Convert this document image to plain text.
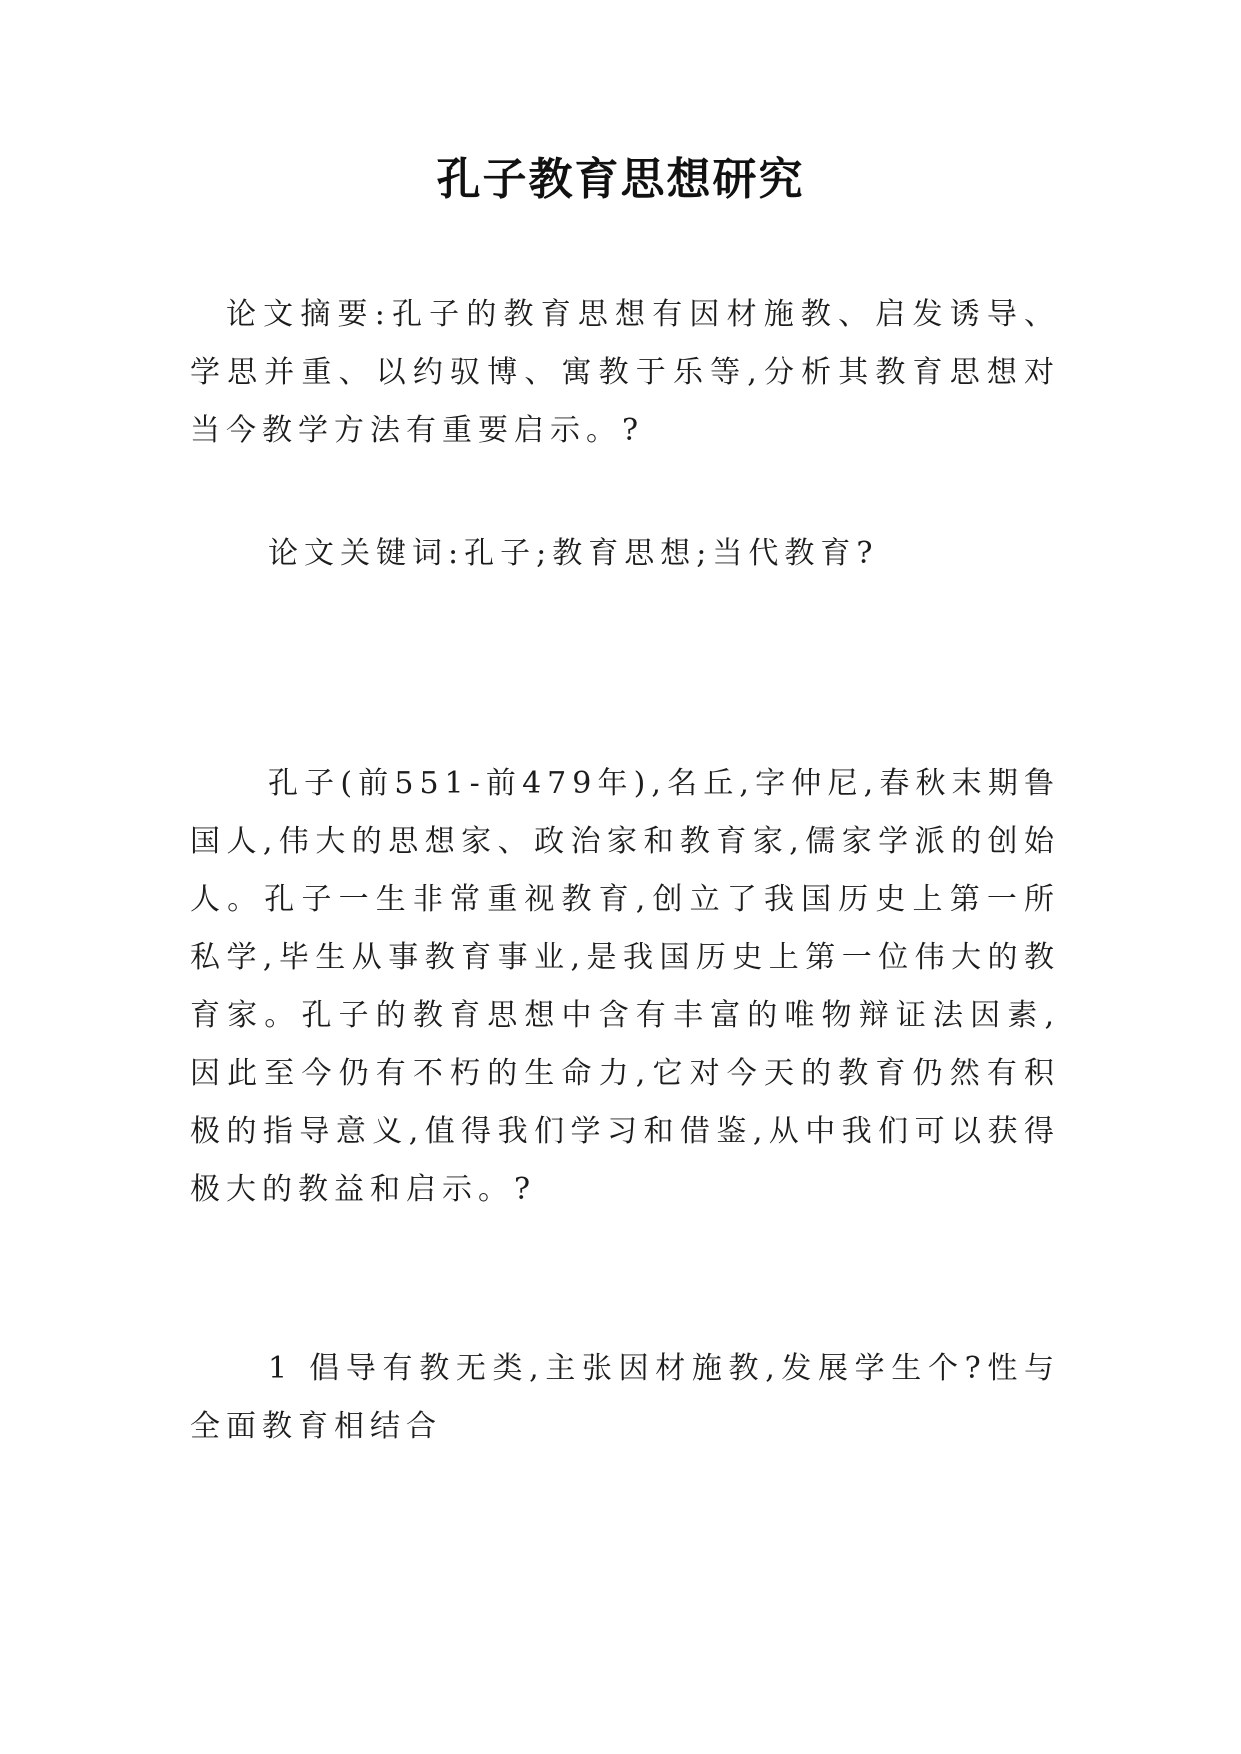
孔子教育思想研究

论文摘要:孔子的教育思想有因材施教、启发诱导、学思并重、以约驭博、寓教于乐等,分析其教育思想对当今教学方法有重要启示。?

论文关键词:孔子;教育思想;当代教育?

孔子(前551-前479年),名丘,字仲尼,春秋末期鲁国人,伟大的思想家、政治家和教育家,儒家学派的创始人。孔子一生非常重视教育,创立了我国历史上第一所私学,毕生从事教育事业,是我国历史上第一位伟大的教育家。孔子的教育思想中含有丰富的唯物辩证法因素,因此至今仍有不朽的生命力,它对今天的教育仍然有积极的指导意义,值得我们学习和借鉴,从中我们可以获得极大的教益和启示。?

1 倡导有教无类,主张因材施教,发展学生个?性与全面教育相结合
